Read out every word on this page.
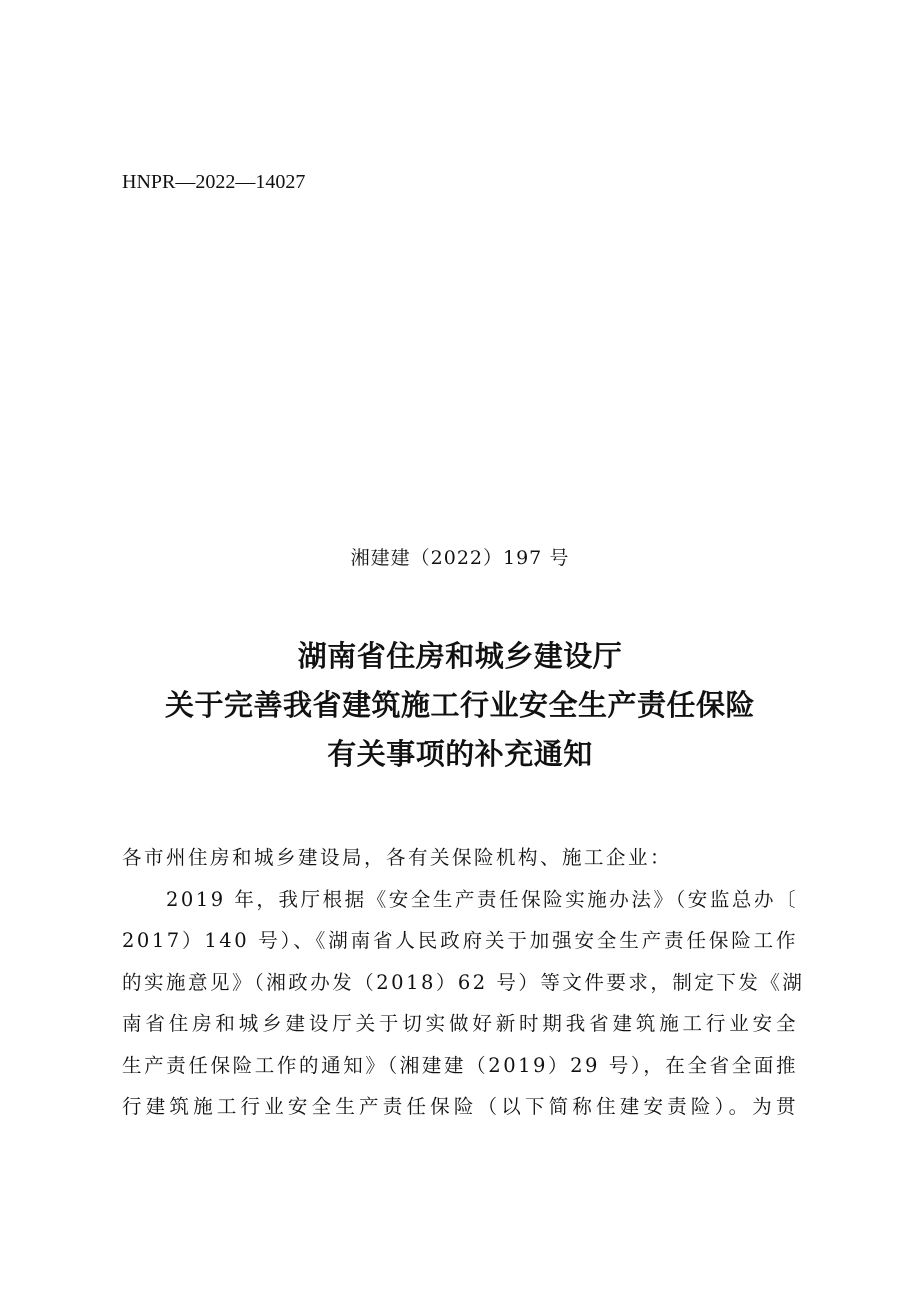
HNPR—2022—14027
湘建建（2022）197 号
湖南省住房和城乡建设厅
关于完善我省建筑施工行业安全生产责任保险
有关事项的补充通知
各市州住房和城乡建设局，各有关保险机构、施工企业：
2019 年，我厅根据《安全生产责任保险实施办法》（安监总办〔
2017）140 号）、《湖南省人民政府关于加强安全生产责任保险工作
的实施意见》（湘政办发（2018）62 号）等文件要求，制定下发《湖
南省住房和城乡建设厅关于切实做好新时期我省建筑施工行业安全
生产责任保险工作的通知》（湘建建（2019）29 号），在全省全面推
行建筑施工行业安全生产责任保险（以下简称住建安责险）。为贯
